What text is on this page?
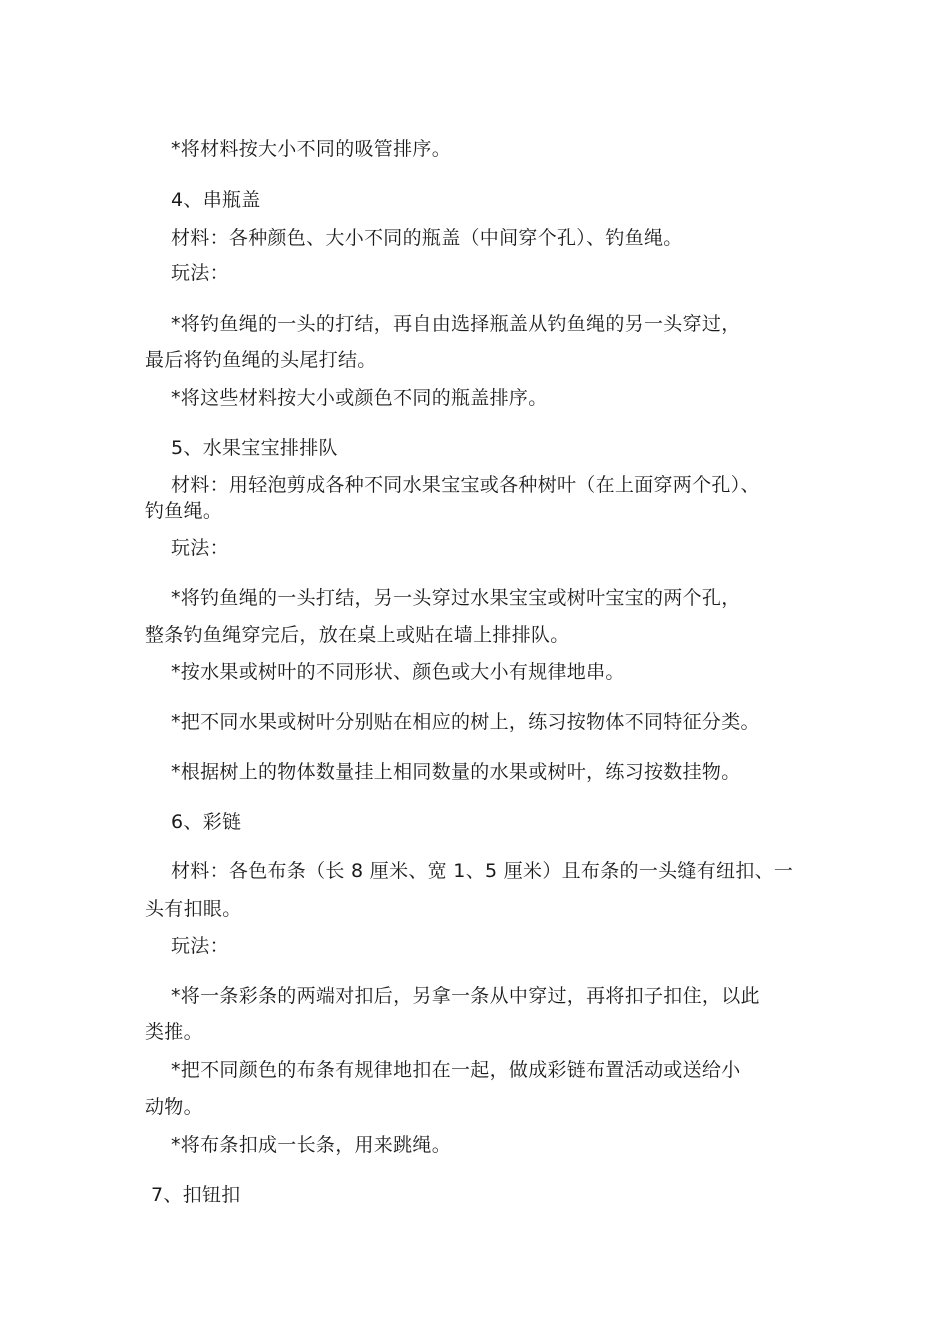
*将材料按大小不同的吸管排序。
4、串瓶盖
材料：各种颜色、大小不同的瓶盖（中间穿个孔）、钓鱼绳。
玩法：
*将钓鱼绳的一头的打结，再自由选择瓶盖从钓鱼绳的另一头穿过，
最后将钓鱼绳的头尾打结。
*将这些材料按大小或颜色不同的瓶盖排序。
5、水果宝宝排排队
材料：用轻泡剪成各种不同水果宝宝或各种树叶（在上面穿两个孔）、
钓鱼绳。
玩法：
*将钓鱼绳的一头打结，另一头穿过水果宝宝或树叶宝宝的两个孔，
整条钓鱼绳穿完后，放在桌上或贴在墙上排排队。
*按水果或树叶的不同形状、颜色或大小有规律地串。
*把不同水果或树叶分别贴在相应的树上，练习按物体不同特征分类。
*根据树上的物体数量挂上相同数量的水果或树叶，练习按数挂物。
6、彩链
材料：各色布条（长 8 厘米、宽 1、5 厘米）且布条的一头缝有纽扣、一
头有扣眼。
玩法：
*将一条彩条的两端对扣后，另拿一条从中穿过，再将扣子扣住，以此
类推。
*把不同颜色的布条有规律地扣在一起，做成彩链布置活动或送给小
动物。
*将布条扣成一长条，用来跳绳。
7、扣钮扣
